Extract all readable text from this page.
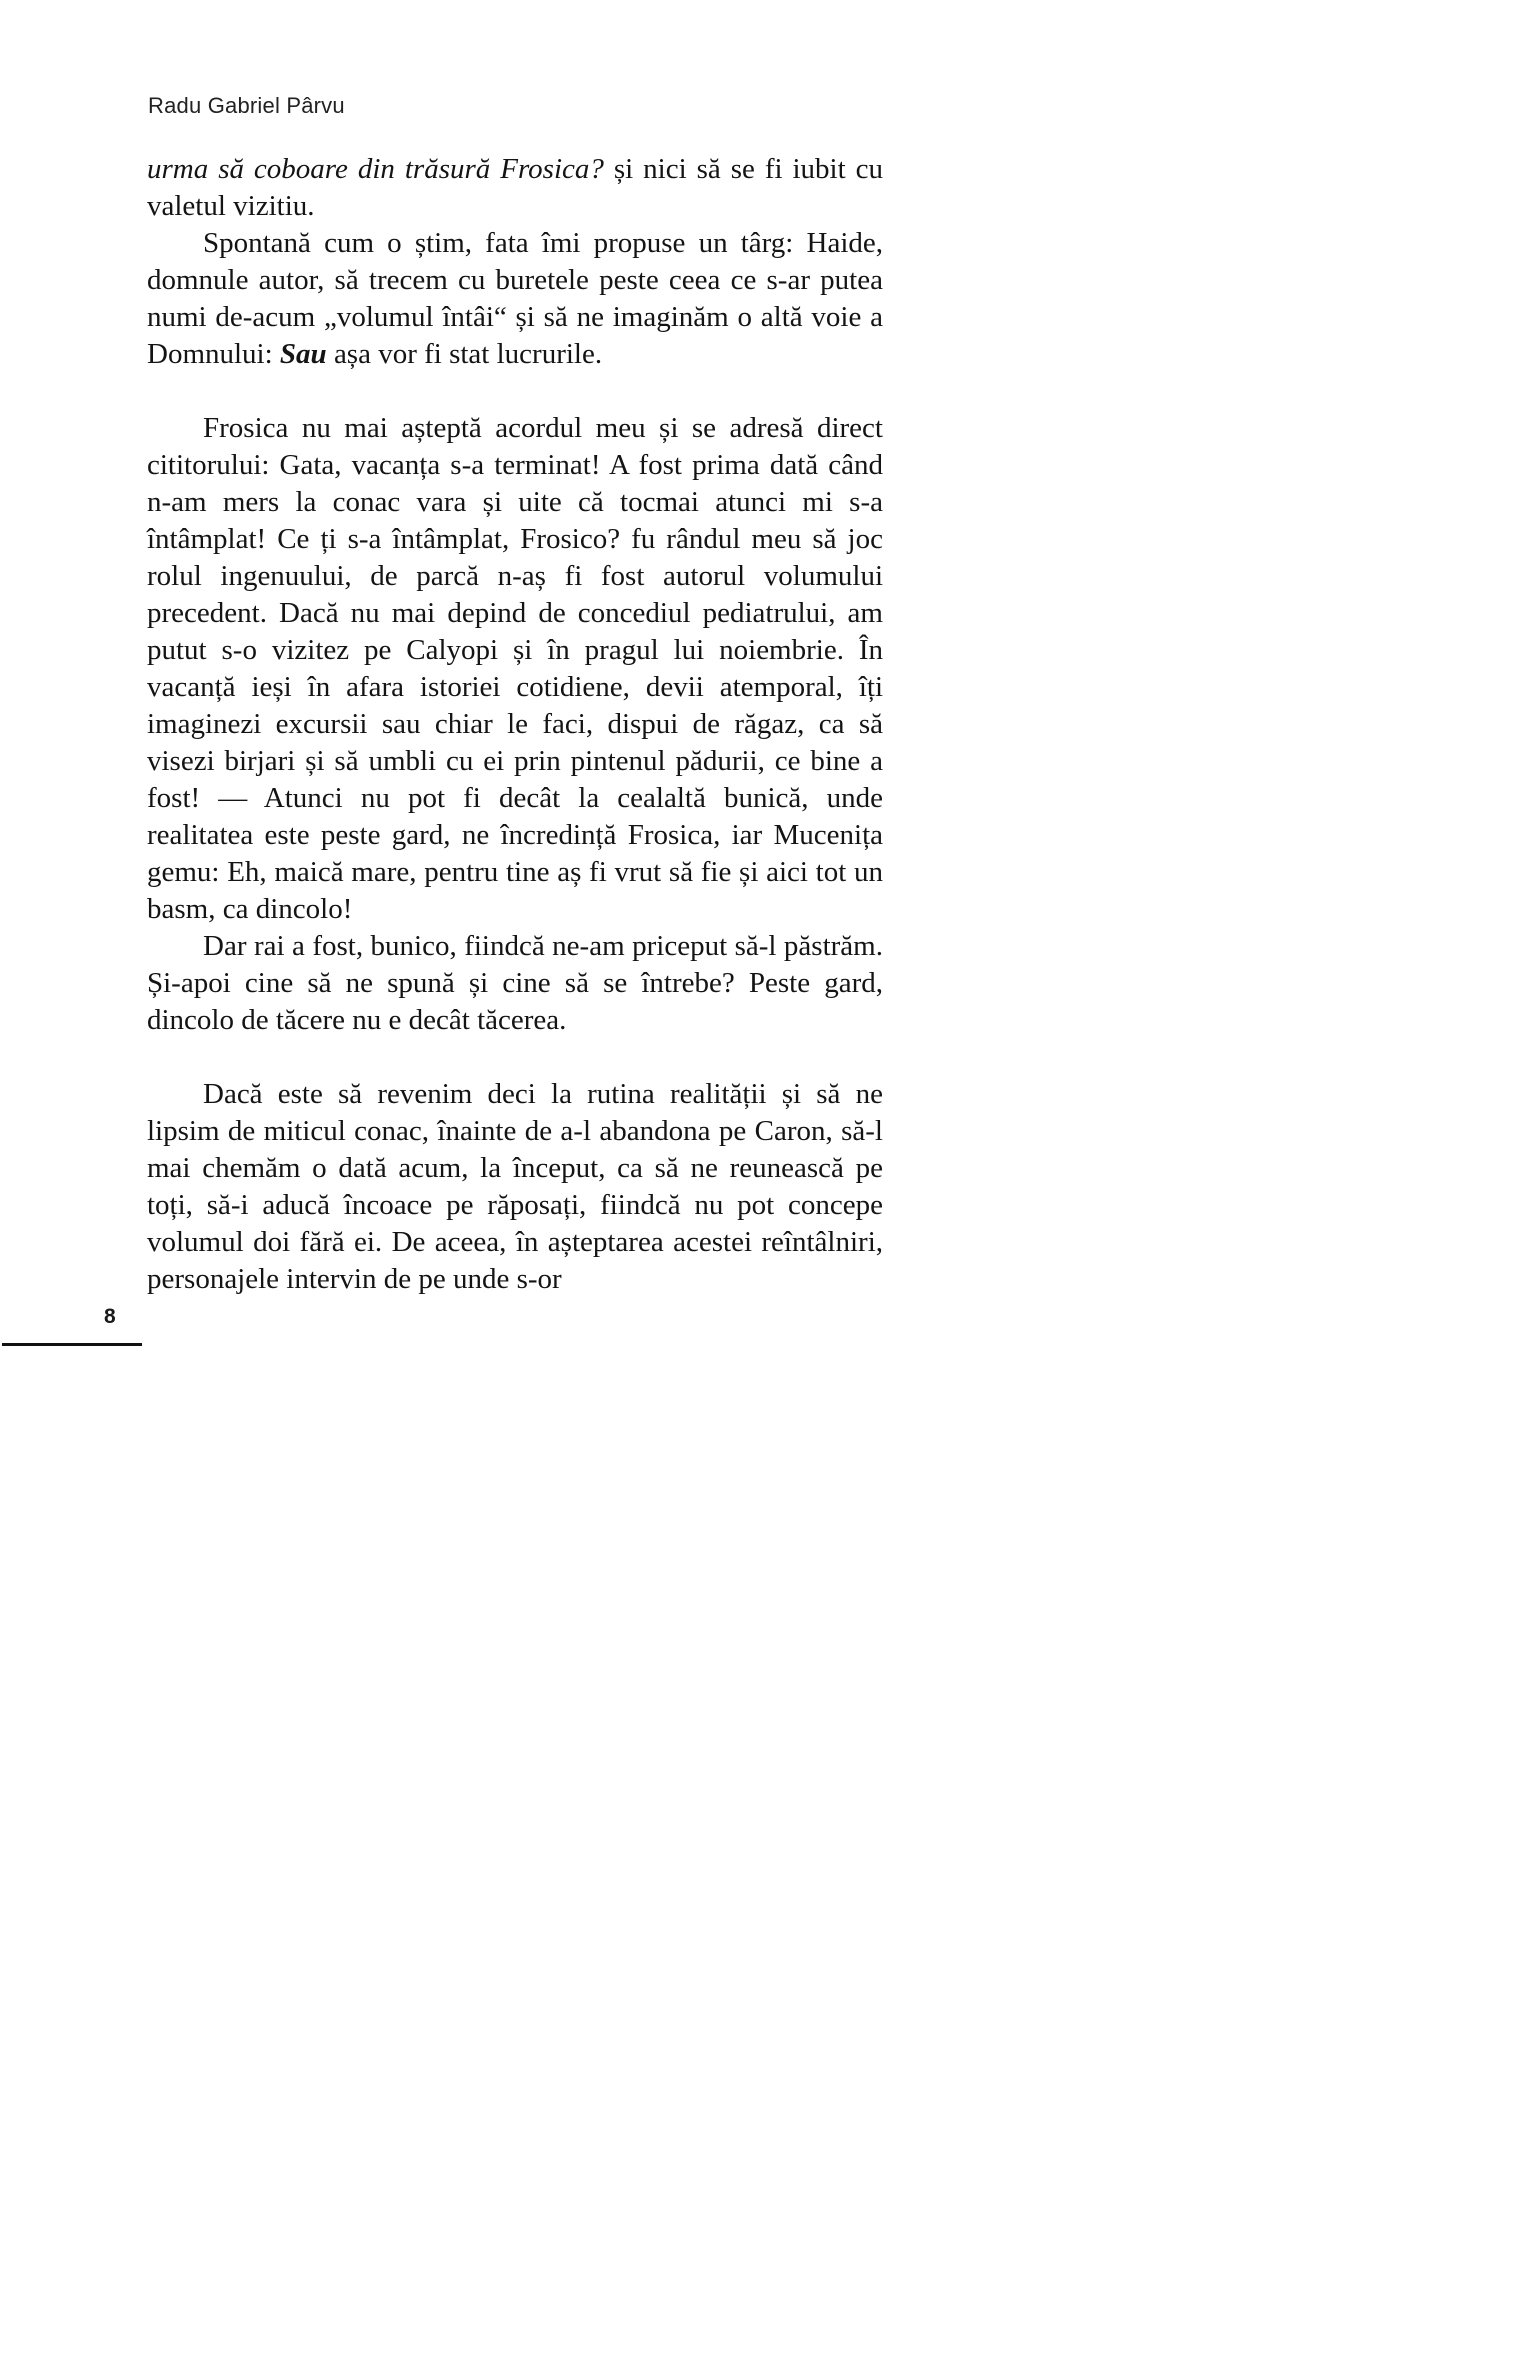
Radu Gabriel Pârvu

urma să coboare din trăsură Frosica? și nici să se fi iubit cu valetul vizitiu.

Spontană cum o știm, fata îmi propuse un târg: Haide, domnule autor, să trecem cu buretele peste ceea ce s-ar putea numi de-acum „volumul întâi“ și să ne imaginăm o altă voie a Domnului: Sau așa vor fi stat lucrurile.

Frosica nu mai așteptă acordul meu și se adresă direct cititorului: Gata, vacanța s-a terminat! A fost prima dată când n-am mers la conac vara și uite că tocmai atunci mi s-a întâmplat! Ce ți s-a întâmplat, Frosico? fu rândul meu să joc rolul ingenuului, de parcă n-aș fi fost autorul volumului precedent. Dacă nu mai depind de concediul pediatrului, am putut s-o vizitez pe Calyopi și în pragul lui noiembrie. În vacanță ieși în afara istoriei cotidiene, devii atemporal, îți imaginezi excursii sau chiar le faci, dispui de răgaz, ca să visezi birjari și să umbli cu ei prin pintenul pădurii, ce bine a fost! — Atunci nu pot fi decât la cealaltă bunică, unde realitatea este peste gard, ne încredință Frosica, iar Mucenița gemu: Eh, maică mare, pentru tine aș fi vrut să fie și aici tot un basm, ca dincolo!

Dar rai a fost, bunico, fiindcă ne-am priceput să-l păstrăm. Și-apoi cine să ne spună și cine să se întrebe? Peste gard, dincolo de tăcere nu e decât tăcerea.

Dacă este să revenim deci la rutina realității și să ne lipsim de miticul conac, înainte de a-l abandona pe Caron, să-l mai chemăm o dată acum, la început, ca să ne reunească pe toți, să-i aducă încoace pe răposați, fiindcă nu pot concepe volumul doi fără ei. De aceea, în așteptarea acestei reîntâlniri, personajele intervin de pe unde s-or

8
